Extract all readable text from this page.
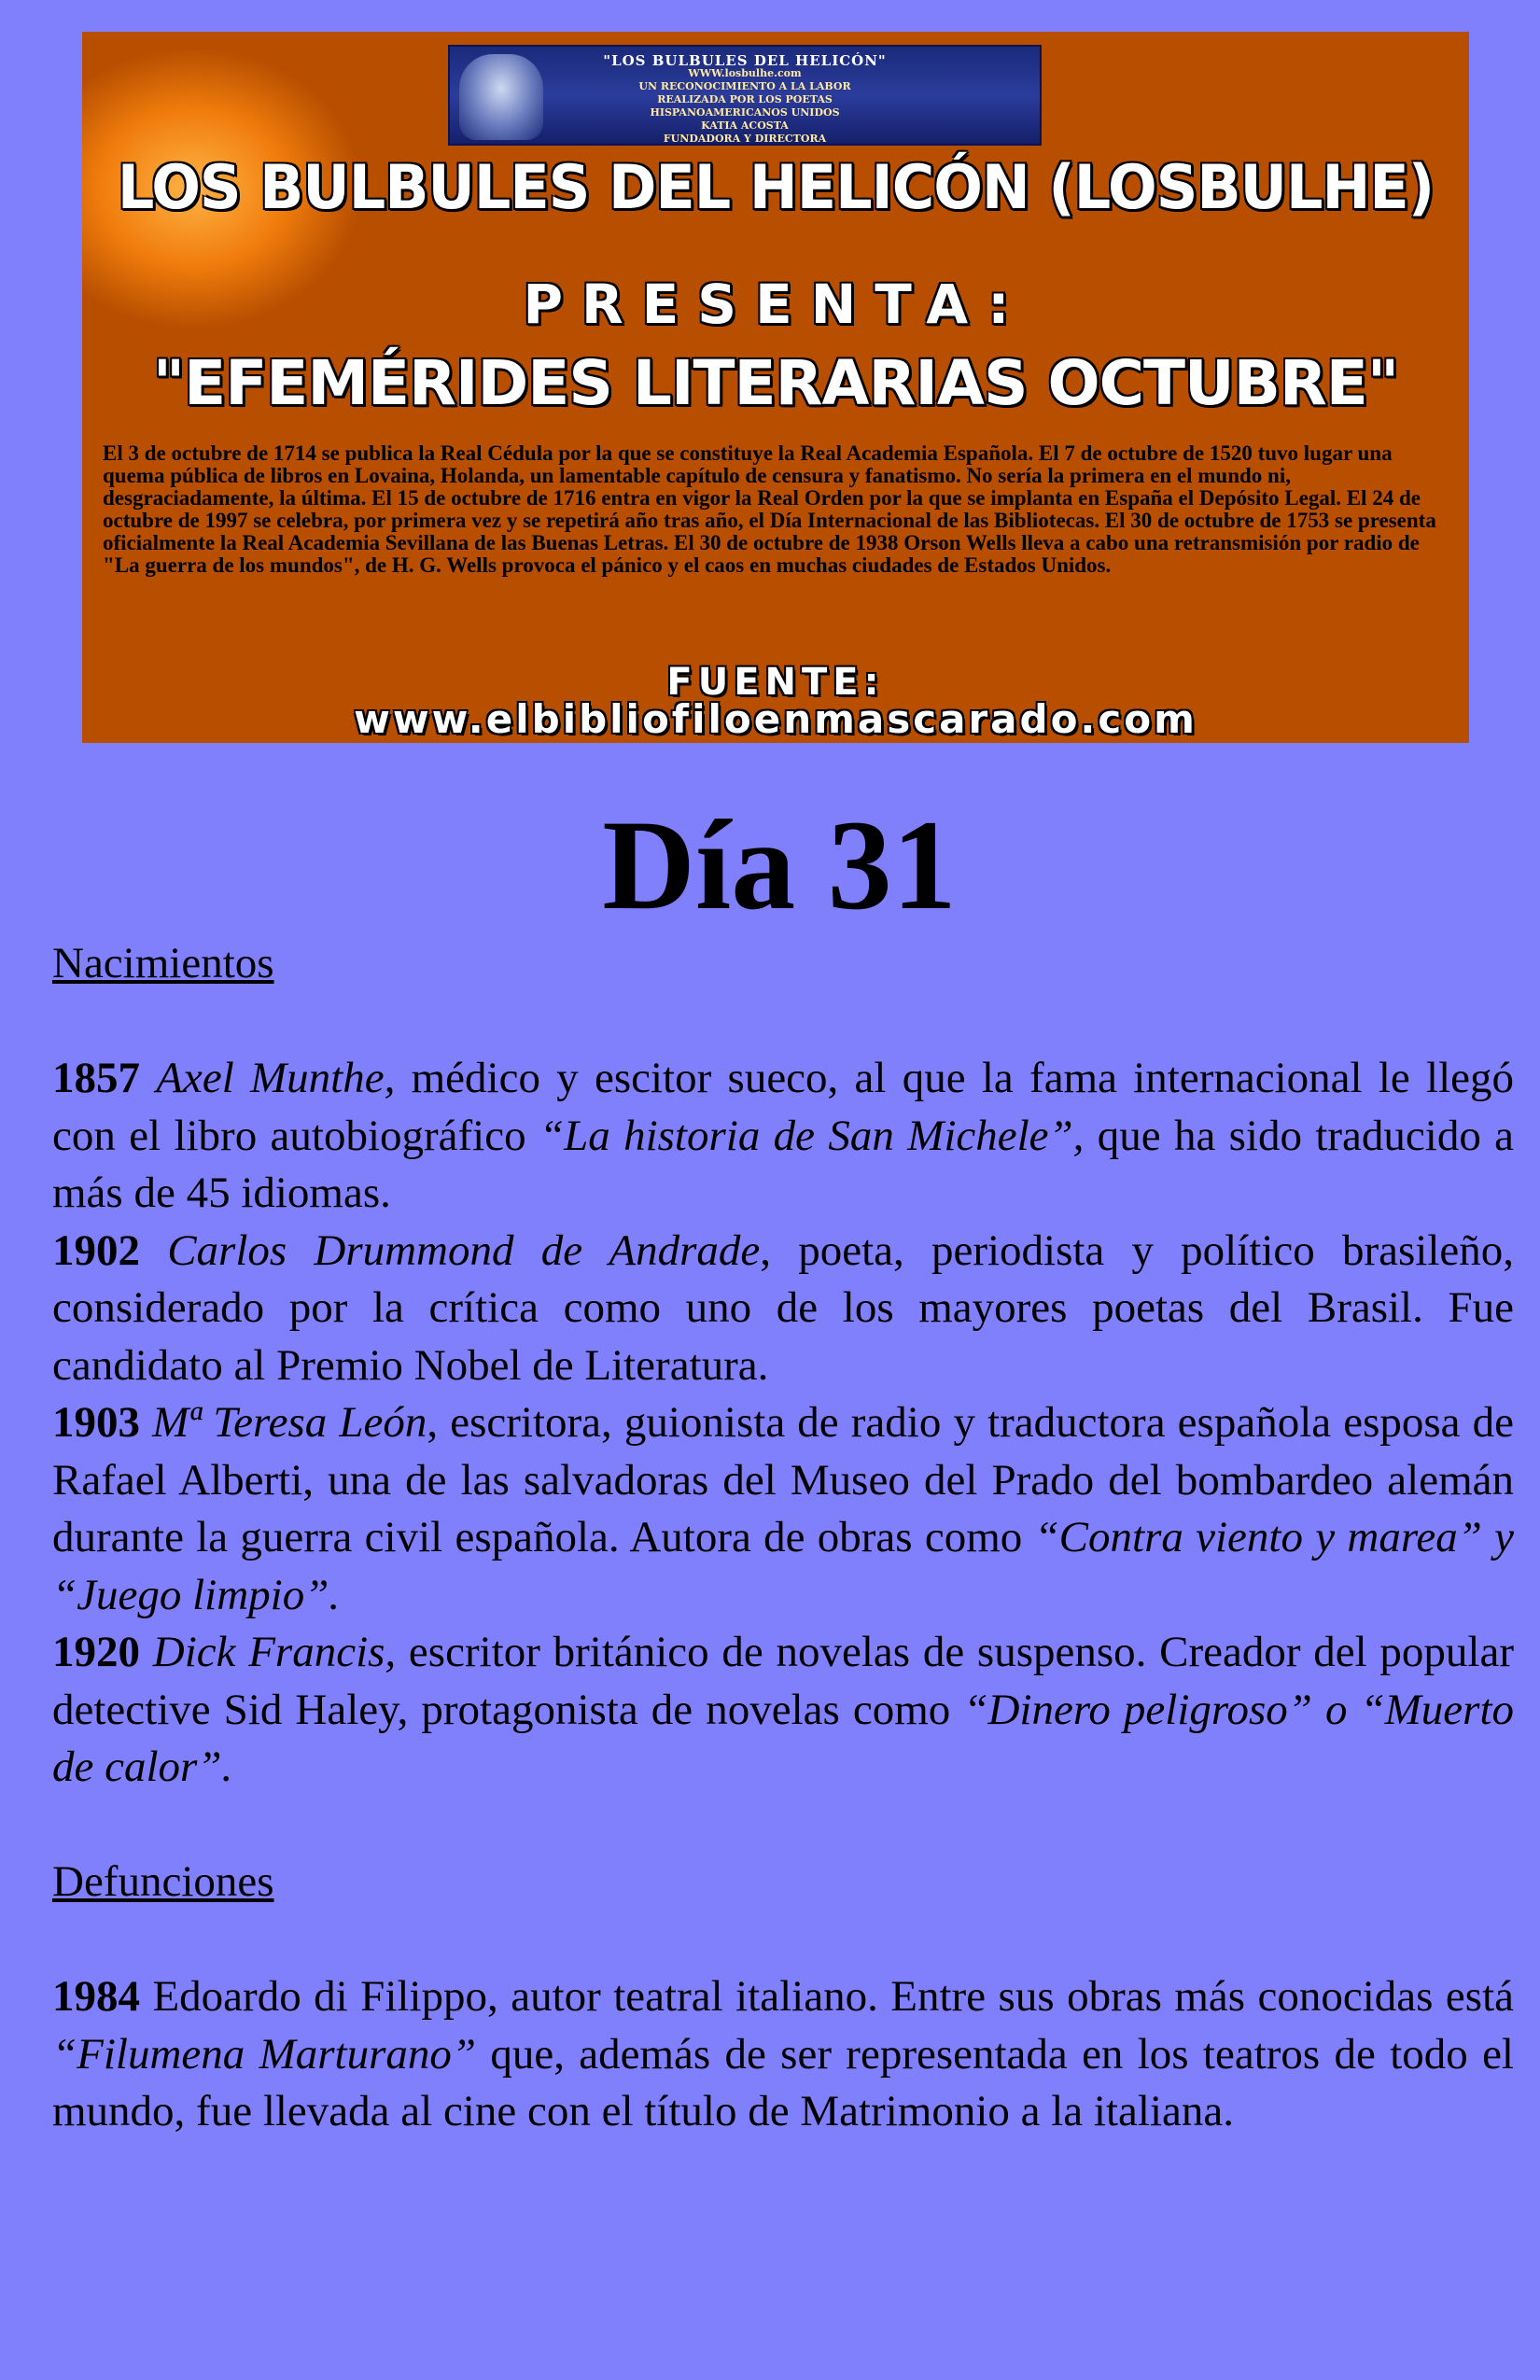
"LOS BULBULES DEL HELICÓN"
WWW.losbulhe.com
UN RECONOCIMIENTO A LA LABOR
REALIZADA POR LOS POETAS
HISPANOAMERICANOS UNIDOS
KATIA ACOSTA
FUNDADORA Y DIRECTORA
LOS BULBULES DEL HELICÓN (LOSBULHE)
PRESENTA:
"EFEMÉRIDES LITERARIAS OCTUBRE"
El 3 de octubre de 1714 se publica la Real Cédula por la que se constituye la Real Academia Española. El 7 de octubre de 1520 tuvo lugar una quema pública de libros en Lovaina, Holanda, un lamentable capítulo de censura y fanatismo. No sería la primera en el mundo ni, desgraciadamente, la última. El 15 de octubre de 1716 entra en vigor la Real Orden por la que se implanta en España el Depósito Legal. El 24 de octubre de 1997 se celebra, por primera vez y se repetirá año tras año, el Día Internacional de las Bibliotecas. El 30 de octubre de 1753 se presenta oficialmente la Real Academia Sevillana de las Buenas Letras. El 30 de octubre de 1938 Orson Wells lleva a cabo una retransmisión por radio de "La guerra de los mundos", de H. G. Wells provoca el pánico y el caos en muchas ciudades de Estados Unidos.
FUENTE:
www.elbibliofiloenmascarado.com
Día 31

Nacimientos

1857 Axel Munthe, médico y escitor sueco, al que la fama internacional le llegó con el libro autobiográfico “La historia de San Michele”, que ha sido traducido a más de 45 idiomas.

1902 Carlos Drummond de Andrade, poeta, periodista y político brasileño, considerado por la crítica como uno de los mayores poetas del Brasil. Fue candidato al Premio Nobel de Literatura.

1903 Mª Teresa León, escritora, guionista de radio y traductora española esposa de Rafael Alberti, una de las salvadoras del Museo del Prado del bombardeo alemán durante la guerra civil española. Autora de obras como “Contra viento y marea” y “Juego limpio”.

1920 Dick Francis, escritor británico de novelas de suspenso. Creador del popular detective Sid Haley, protagonista de novelas como “Dinero peligroso” o “Muerto de calor”.

Defunciones

1984 Edoardo di Filippo, autor teatral italiano. Entre sus obras más conocidas está “Filumena Marturano” que, además de ser representada en los teatros de todo el mundo, fue llevada al cine con el título de Matrimonio a la italiana.
